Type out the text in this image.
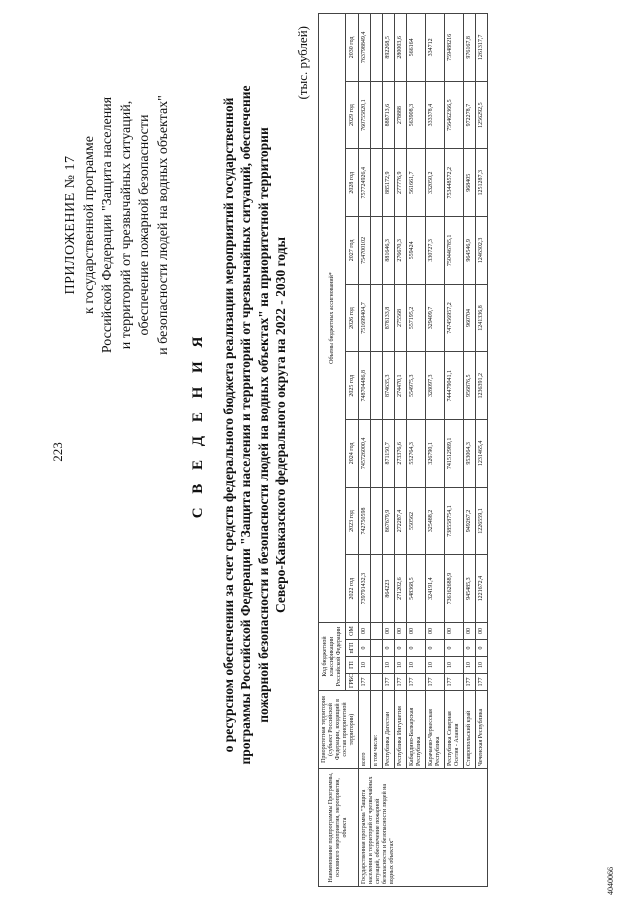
223
ПРИЛОЖЕНИЕ № 17 к государственной программе Российской Федерации "Защита населения и территорий от чрезвычайных ситуаций, обеспечение пожарной безопасности и безопасности людей на водных объектах"
С В Е Д Е Н И Я о ресурсном обеспечении за счет средств федерального бюджета реализации мероприятий государственной программы Российской Федерации "Защита населения и территорий от чрезвычайных ситуаций, обеспечение пожарной безопасности и безопасности людей на водных объектах" на приоритетной территории Северо-Кавказского федерального округа на 2022 - 2030 годы
(тыс. рублей)
Наименование подпрограммы Программы, основного мероприятия, мероприятия, объекта	Приоритетная территория (субъект Российской Федерации, входящий в состав приоритетной территории)	Код бюджетной классификации Российской Федерации				Объемы бюджетных ассигнований*								
		ГРБС	ГП	пГП	ОМ	2022 год	2023 год	2024 год	2025 год	2026 год	2027 год	2028 год	2029 год	2030 год
Государственная программа "Защита населения и территорий от чрезвычайных ситуаций, обеспечение пожарной безопасности и безопасности людей на водных объектах"	всего	177	10	0	00	739791432,3	742750598	745726000,4	748704486,8	751699404,7	754700102	757724926,4	760755820,1	763798849,4
	в том числе:													
	Республика Дагестан	177	10	0	00	864223	867679,9	871150,7	874635,3	878133,8	881646,3	885172,9	888713,6	892268,5
	Республика Ингушетия	177	10	0	00	271202,6	272287,4	273376,6	274470,1	275568	276670,3	277776,9	278888	280003,6
	Кабардино-Балкарская Республика	177	10	0	00	548368,5	550562	552764,3	554975,3	557195,2	559424	561661,7	563908,3	566164
	Карачаево-Черкесская Республика	177	10	0	00	324191,4	325488,2	326790,1	328097,3	329409,7	330727,3	332050,2	333378,4	334712
	Республика Северная Осетия - Алания	177	10	0	00	736162688,9	738558754,1	741512989,1	744479041,1	747456957,2	750446785,1	753448572,2	756462366,5	759488216
	Ставропольский край	177	10	0	00	945485,3	949267,2	953064,3	956876,5	960704	964546,9	968405	972278,7	976167,8
	Чеченская Республика	177	10	0	00	1221672,4	1226559,1	1231465,4	1236391,2	1241336,8	1246302,3	1251287,3	1256292,5	1261317,7
4040066
